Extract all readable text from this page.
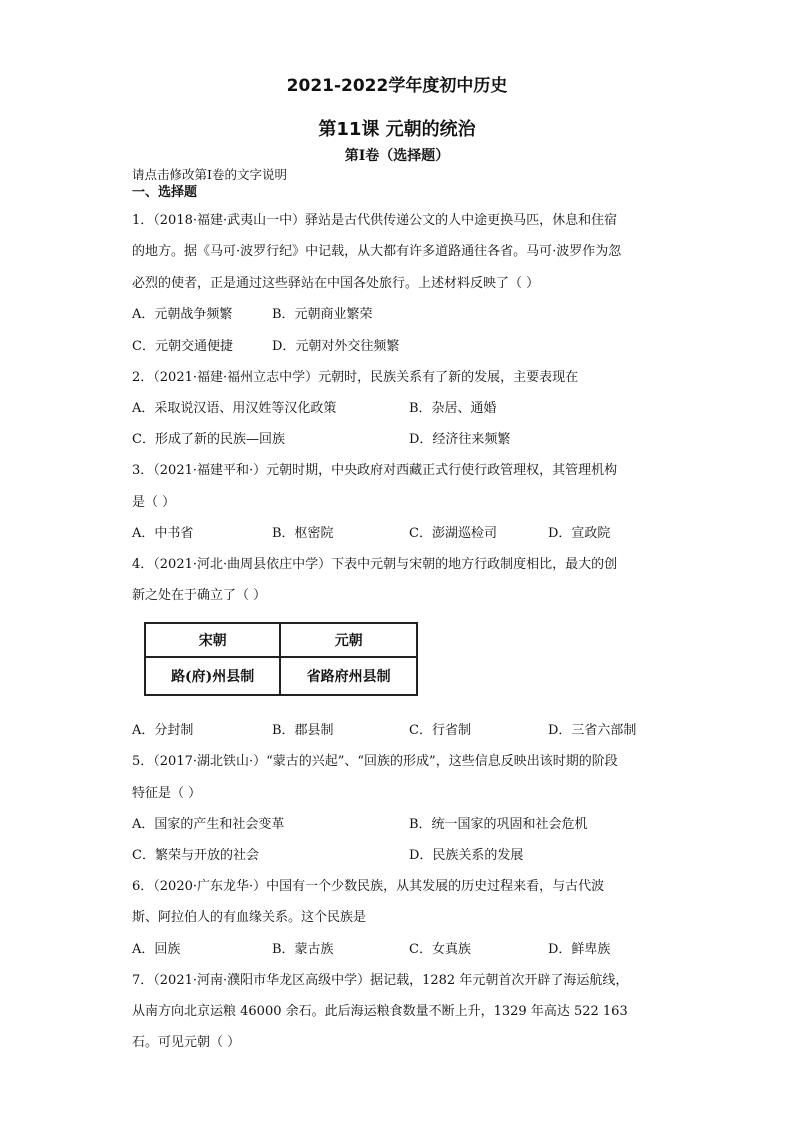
2021-2022学年度初中历史
第11课 元朝的统治
第I卷（选择题）
请点击修改第I卷的文字说明
一、选择题
1．（2018·福建·武夷山一中）驿站是古代供传递公文的人中途更换马匹，休息和住宿
的地方。据《马可·波罗行纪》中记载，从大都有许多道路通往各省。马可·波罗作为忽
必烈的使者，正是通过这些驿站在中国各处旅行。上述材料反映了（ ）
A．元朝战争频繁	B．元朝商业繁荣
C．元朝交通便捷	D．元朝对外交往频繁
2．（2021·福建·福州立志中学）元朝时，民族关系有了新的发展，主要表现在
A．采取说汉语、用汉姓等汉化政策	B．杂居、通婚
C．形成了新的民族—回族	D．经济往来频繁
3．（2021·福建平和·）元朝时期，中央政府对西藏正式行使行政管理权，其管理机构
是（ ）
A．中书省	B．枢密院	C．澎湖巡检司	D．宣政院
4．（2021·河北·曲周县依庄中学）下表中元朝与宋朝的地方行政制度相比，最大的创
新之处在于确立了（ ）
宋朝	元朝
路(府)州县制	省路府州县制
A．分封制	B．郡县制	C．行省制	D．三省六部制
5．（2017·湖北铁山·）“蒙古的兴起”、“回族的形成”，这些信息反映出该时期的阶段
特征是（ ）
A．国家的产生和社会变革	B．统一国家的巩固和社会危机
C．繁荣与开放的社会	D．民族关系的发展
6．（2020·广东龙华·）中国有一个少数民族，从其发展的历史过程来看，与古代波
斯、阿拉伯人的有血缘关系。这个民族是
A．回族	B．蒙古族	C．女真族	D．鲜卑族
7．（2021·河南·濮阳市华龙区高级中学）据记载，1282 年元朝首次开辟了海运航线，
从南方向北京运粮 46000 余石。此后海运粮食数量不断上升，1329 年高达 522 163
石。可见元朝（ ）
